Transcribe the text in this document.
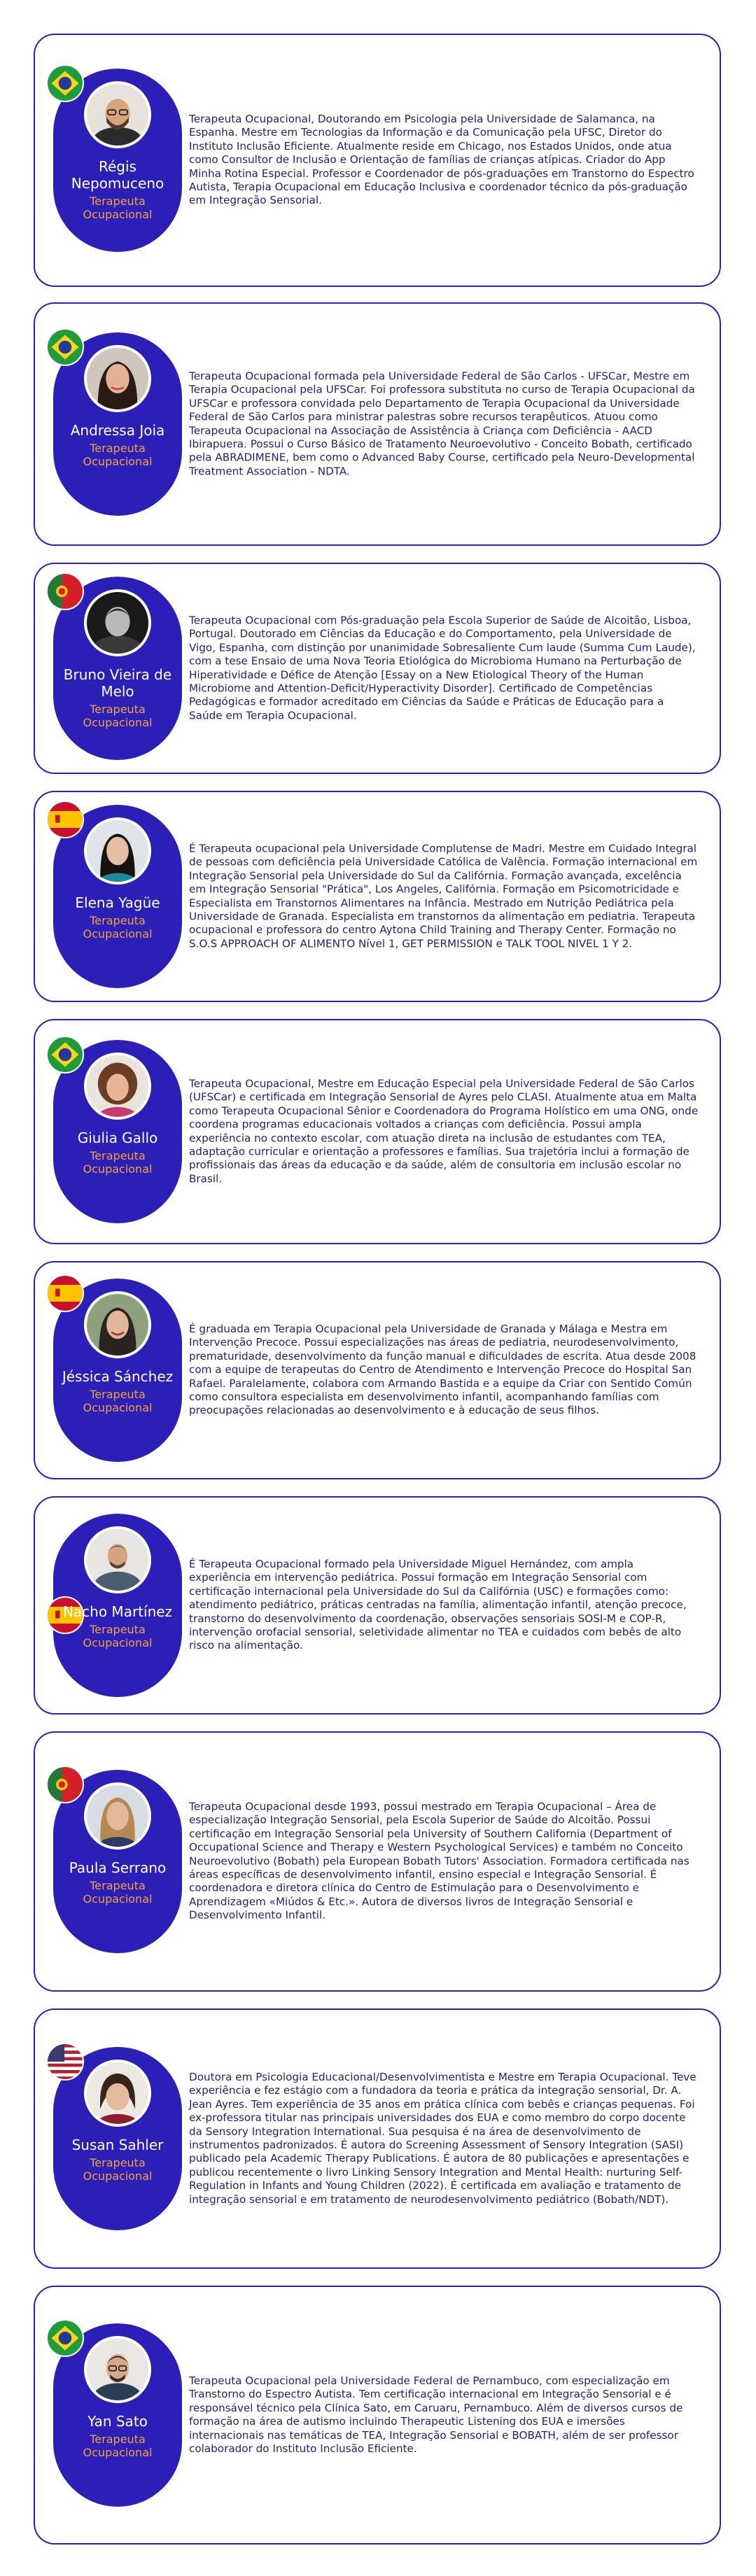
Régis Nepomuceno
Terapeuta Ocupacional

Terapeuta Ocupacional, Doutorando em Psicologia pela Universidade de Salamanca, na Espanha. Mestre em Tecnologias da Informação e da Comunicação pela UFSC, Diretor do Instituto Inclusão Eficiente. Atualmente reside em Chicago, nos Estados Unidos, onde atua como Consultor de Inclusão e Orientação de famílias de crianças atípicas. Criador do App Minha Rotina Especial. Professor e Coordenador de pós-graduações em Transtorno do Espectro Autista, Terapia Ocupacional em Educação Inclusiva e coordenador técnico da pós-graduação em Integração Sensorial.

Andressa Joia
Terapeuta Ocupacional

Terapeuta Ocupacional formada pela Universidade Federal de São Carlos - UFSCar, Mestre em Terapia Ocupacional pela UFSCar. Foi professora substituta no curso de Terapia Ocupacional da UFSCar e professora convidada pelo Departamento de Terapia Ocupacional da Universidade Federal de São Carlos para ministrar palestras sobre recursos terapêuticos. Atuou como Terapeuta Ocupacional na Associação de Assistência à Criança com Deficiência - AACD Ibirapuera. Possui o Curso Básico de Tratamento Neuroevolutivo - Conceito Bobath, certificado pela ABRADIMENE, bem como o Advanced Baby Course, certificado pela Neuro-Developmental Treatment Association - NDTA.

Bruno Vieira de Melo
Terapeuta Ocupacional

Terapeuta Ocupacional com Pós-graduação pela Escola Superior de Saúde de Alcoitão, Lisboa, Portugal. Doutorado em Ciências da Educação e do Comportamento, pela Universidade de Vigo, Espanha, com distinção por unanimidade Sobresaliente Cum laude (Summa Cum Laude), com a tese Ensaio de uma Nova Teoria Etiológica do Microbioma Humano na Perturbação de Hiperatividade e Défice de Atenção [Essay on a New Etiological Theory of the Human Microbiome and Attention-Deficit/Hyperactivity Disorder]. Certificado de Competências Pedagógicas e formador acreditado em Ciências da Saúde e Práticas de Educação para a Saúde em Terapia Ocupacional.

Elena Yagüe
Terapeuta Ocupacional

É Terapeuta ocupacional pela Universidade Complutense de Madri. Mestre em Cuidado Integral de pessoas com deficiência pela Universidade Católica de Valência. Formação internacional em Integração Sensorial pela Universidade do Sul da Califórnia. Formação avançada, excelência em Integração Sensorial "Prática", Los Angeles, Califórnia. Formação em Psicomotricidade e Especialista em Transtornos Alimentares na Infância. Mestrado em Nutrição Pediátrica pela Universidade de Granada. Especialista em transtornos da alimentação em pediatria. Terapeuta ocupacional e professora do centro Aytona Child Training and Therapy Center. Formação no S.O.S APPROACH OF ALIMENTO Nível 1, GET PERMISSION e TALK TOOL NIVEL 1 Y 2.

Giulia Gallo
Terapeuta Ocupacional

Terapeuta Ocupacional, Mestre em Educação Especial pela Universidade Federal de São Carlos (UFSCar) e certificada em Integração Sensorial de Ayres pelo CLASI. Atualmente atua em Malta como Terapeuta Ocupacional Sênior e Coordenadora do Programa Holístico em uma ONG, onde coordena programas educacionais voltados a crianças com deficiência. Possui ampla experiência no contexto escolar, com atuação direta na inclusão de estudantes com TEA, adaptação curricular e orientação a professores e famílias. Sua trajetória inclui a formação de profissionais das áreas da educação e da saúde, além de consultoria em inclusão escolar no Brasil.

Jéssica Sánchez
Terapeuta Ocupacional

É graduada em Terapia Ocupacional pela Universidade de Granada y Málaga e Mestra em Intervenção Precoce. Possui especializações nas áreas de pediatria, neurodesenvolvimento, prematuridade, desenvolvimento da função manual e dificuldades de escrita. Atua desde 2008 com a equipe de terapeutas do Centro de Atendimento e Intervenção Precoce do Hospital San Rafael. Paralelamente, colabora com Armando Bastida e a equipe da Criar con Sentido Común como consultora especialista em desenvolvimento infantil, acompanhando famílias com preocupações relacionadas ao desenvolvimento e à educação de seus filhos.

Nacho Martínez
Terapeuta Ocupacional

É Terapeuta Ocupacional formado pela Universidade Miguel Hernández, com ampla experiência em intervenção pediátrica. Possui formação em Integração Sensorial com certificação internacional pela Universidade do Sul da Califórnia (USC) e formações como: atendimento pediátrico, práticas centradas na família, alimentação infantil, atenção precoce, transtorno do desenvolvimento da coordenação, observações sensoriais SOSI-M e COP-R, intervenção orofacial sensorial, seletividade alimentar no TEA e cuidados com bebês de alto risco na alimentação.

Paula Serrano
Terapeuta Ocupacional

Terapeuta Ocupacional desde 1993, possui mestrado em Terapia Ocupacional – Área de especialização Integração Sensorial, pela Escola Superior de Saúde do Alcoitão. Possui certificação em Integração Sensorial pela University of Southern California (Department of Occupational Science and Therapy e Western Psychological Services) e também no Conceito Neuroevolutivo (Bobath) pela European Bobath Tutors' Association. Formadora certificada nas áreas específicas de desenvolvimento infantil, ensino especial e Integração Sensorial. É coordenadora e diretora clínica do Centro de Estimulação para o Desenvolvimento e Aprendizagem «Miúdos & Etc.». Autora de diversos livros de Integração Sensorial e Desenvolvimento Infantil.

Susan Sahler
Terapeuta Ocupacional

Doutora em Psicologia Educacional/Desenvolvimentista e Mestre em Terapia Ocupacional. Teve experiência e fez estágio com a fundadora da teoria e prática da integração sensorial, Dr. A. Jean Ayres. Tem experiência de 35 anos em prática clínica com bebês e crianças pequenas. Foi ex-professora titular nas principais universidades dos EUA e como membro do corpo docente da Sensory Integration International. Sua pesquisa é na área de desenvolvimento de instrumentos padronizados. É autora do Screening Assessment of Sensory Integration (SASI) publicado pela Academic Therapy Publications. É autora de 80 publicações e apresentações e publicou recentemente o livro Linking Sensory Integration and Mental Health: nurturing Self-Regulation in Infants and Young Children (2022). É certificada em avaliação e tratamento de integração sensorial e em tratamento de neurodesenvolvimento pediátrico (Bobath/NDT).

Yan Sato
Terapeuta Ocupacional

Terapeuta Ocupacional pela Universidade Federal de Pernambuco, com especialização em Transtorno do Espectro Autista. Tem certificação internacional em Integração Sensorial e é responsável técnico pela Clínica Sato, em Caruaru, Pernambuco. Além de diversos cursos de formação na área de autismo incluindo Therapeutic Listening dos EUA e imersões internacionais nas temáticas de TEA, Integração Sensorial e BOBATH, além de ser professor colaborador do Instituto Inclusão Eficiente.
